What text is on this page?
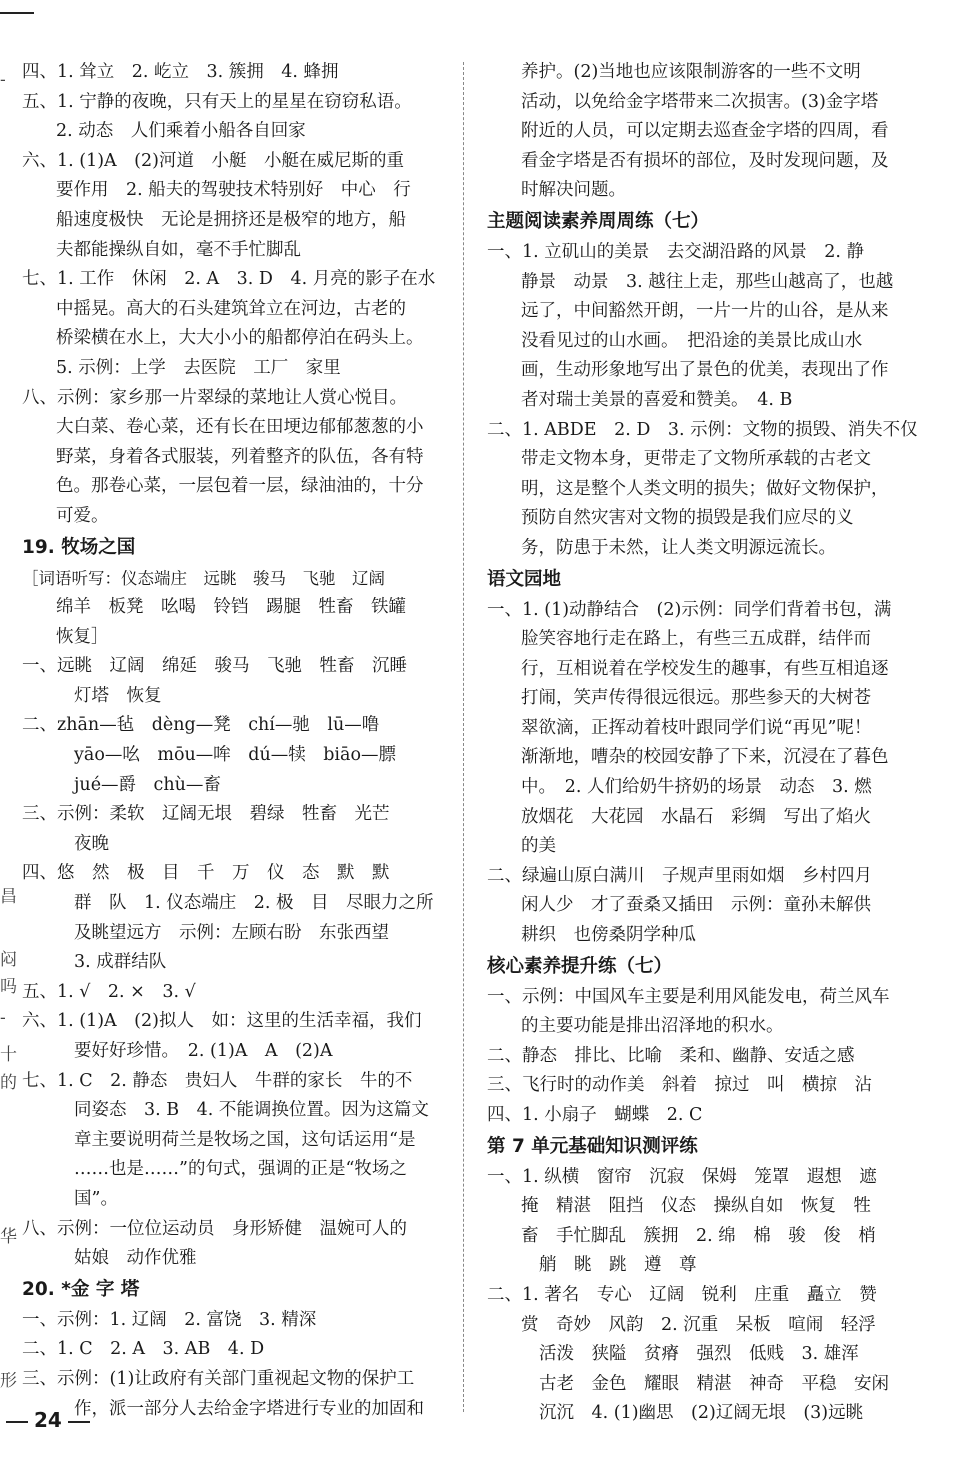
-
昌
闷
吗
-
十
的
华
形
四、1. 耸立　2. 屹立　3. 簇拥　4. 蜂拥
五、1. 宁静的夜晚，只有天上的星星在窃窃私语。
2. 动态　人们乘着小船各自回家
六、1. (1)A　(2)河道　小艇　小艇在威尼斯的重
要作用　2. 船夫的驾驶技术特别好　中心　行
船速度极快　无论是拥挤还是极窄的地方，船
夫都能操纵自如，毫不手忙脚乱
七、1. 工作　休闲　2. A　3. D　4. 月亮的影子在水
中摇晃。高大的石头建筑耸立在河边，古老的
桥梁横在水上，大大小小的船都停泊在码头上。
5. 示例：上学　去医院　工厂　家里
八、示例：家乡那一片翠绿的菜地让人赏心悦目。
大白菜、卷心菜，还有长在田埂边郁郁葱葱的小
野菜，身着各式服装，列着整齐的队伍，各有特
色。那卷心菜，一层包着一层，绿油油的，十分
可爱。
19. 牧场之国
［词语听写：仪态端庄　远眺　骏马　飞驰　辽阔
绵羊　板凳　吆喝　铃铛　踢腿　牲畜　铁罐
恢复］
一、远眺　辽阔　绵延　骏马　飞驰　牲畜　沉睡
灯塔　恢复
二、zhān—毡　dèng—凳　chí—驰　lū—噜
yāo—吆　mōu—哞　dú—犊　biāo—膘
jué—爵　chù—畜
三、示例：柔软　辽阔无垠　碧绿　牲畜　光芒
夜晚
四、悠　然　极　目　千　万　仪　态　默　默
群　队　1. 仪态端庄　2. 极　目　尽眼力之所
及眺望远方　示例：左顾右盼　东张西望
3. 成群结队
五、1. √　2. ×　3. √
六、1. (1)A　(2)拟人　如：这里的生活幸福，我们
要好好珍惜。　2. (1)A　A　(2)A
七、1. C　2. 静态　贵妇人　牛群的家长　牛的不
同姿态　3. B　4. 不能调换位置。因为这篇文
章主要说明荷兰是牧场之国，这句话运用“是
……也是……”的句式，强调的正是“牧场之
国”。
八、示例：一位位运动员　身形矫健　温婉可人的
姑娘　动作优雅
20. *金 字 塔
一、示例：1. 辽阔　2. 富饶　3. 精深
二、1. C　2. A　3. AB　4. D
三、示例：(1)让政府有关部门重视起文物的保护工
作，派一部分人去给金字塔进行专业的加固和
养护。(2)当地也应该限制游客的一些不文明
活动，以免给金字塔带来二次损害。(3)金字塔
附近的人员，可以定期去巡查金字塔的四周，看
看金字塔是否有损坏的部位，及时发现问题，及
时解决问题。
主题阅读素养周周练（七）
一、1. 立矶山的美景　去交湖沿路的风景　2. 静
静景　动景　3. 越往上走，那些山越高了，也越
远了，中间豁然开朗，一片一片的山谷，是从来
没看见过的山水画。　把沿途的美景比成山水
画，生动形象地写出了景色的优美，表现出了作
者对瑞士美景的喜爱和赞美。　4. B
二、1. ABDE　2. D　3. 示例：文物的损毁、消失不仅
带走文物本身，更带走了文物所承载的古老文
明，这是整个人类文明的损失；做好文物保护，
预防自然灾害对文物的损毁是我们应尽的义
务，防患于未然，让人类文明源远流长。
语文园地
一、1. (1)动静结合　(2)示例：同学们背着书包，满
脸笑容地行走在路上，有些三五成群，结伴而
行，互相说着在学校发生的趣事，有些互相追逐
打闹，笑声传得很远很远。那些参天的大树苍
翠欲滴，正挥动着枝叶跟同学们说“再见”呢！
渐渐地，嘈杂的校园安静了下来，沉浸在了暮色
中。　2. 人们给奶牛挤奶的场景　动态　3. 燃
放烟花　大花园　水晶石　彩绸　写出了焰火
的美
二、绿遍山原白满川　子规声里雨如烟　乡村四月
闲人少　才了蚕桑又插田　示例：童孙未解供
耕织　也傍桑阴学种瓜
核心素养提升练（七）
一、示例：中国风车主要是利用风能发电，荷兰风车
的主要功能是排出沼泽地的积水。
二、静态　排比、比喻　柔和、幽静、安适之感
三、飞行时的动作美　斜着　掠过　叫　横掠　沾
四、1. 小扇子　蝴蝶　2. C
第 7 单元基础知识测评练
一、1. 纵横　窗帘　沉寂　保姆　笼罩　遐想　遮
掩　精湛　阻挡　仪态　操纵自如　恢复　牲
畜　手忙脚乱　簇拥　2. 绵　棉　骏　俊　梢
艄　眺　跳　遵　尊
二、1. 著名　专心　辽阔　锐利　庄重　矗立　赞
赏　奇妙　风韵　2. 沉重　呆板　喧闹　轻浮
活泼　狭隘　贫瘠　强烈　低贱　3. 雄浑
古老　金色　耀眼　精湛　神奇　平稳　安闲
沉沉　4. (1)幽思　(2)辽阔无垠　(3)远眺
24
